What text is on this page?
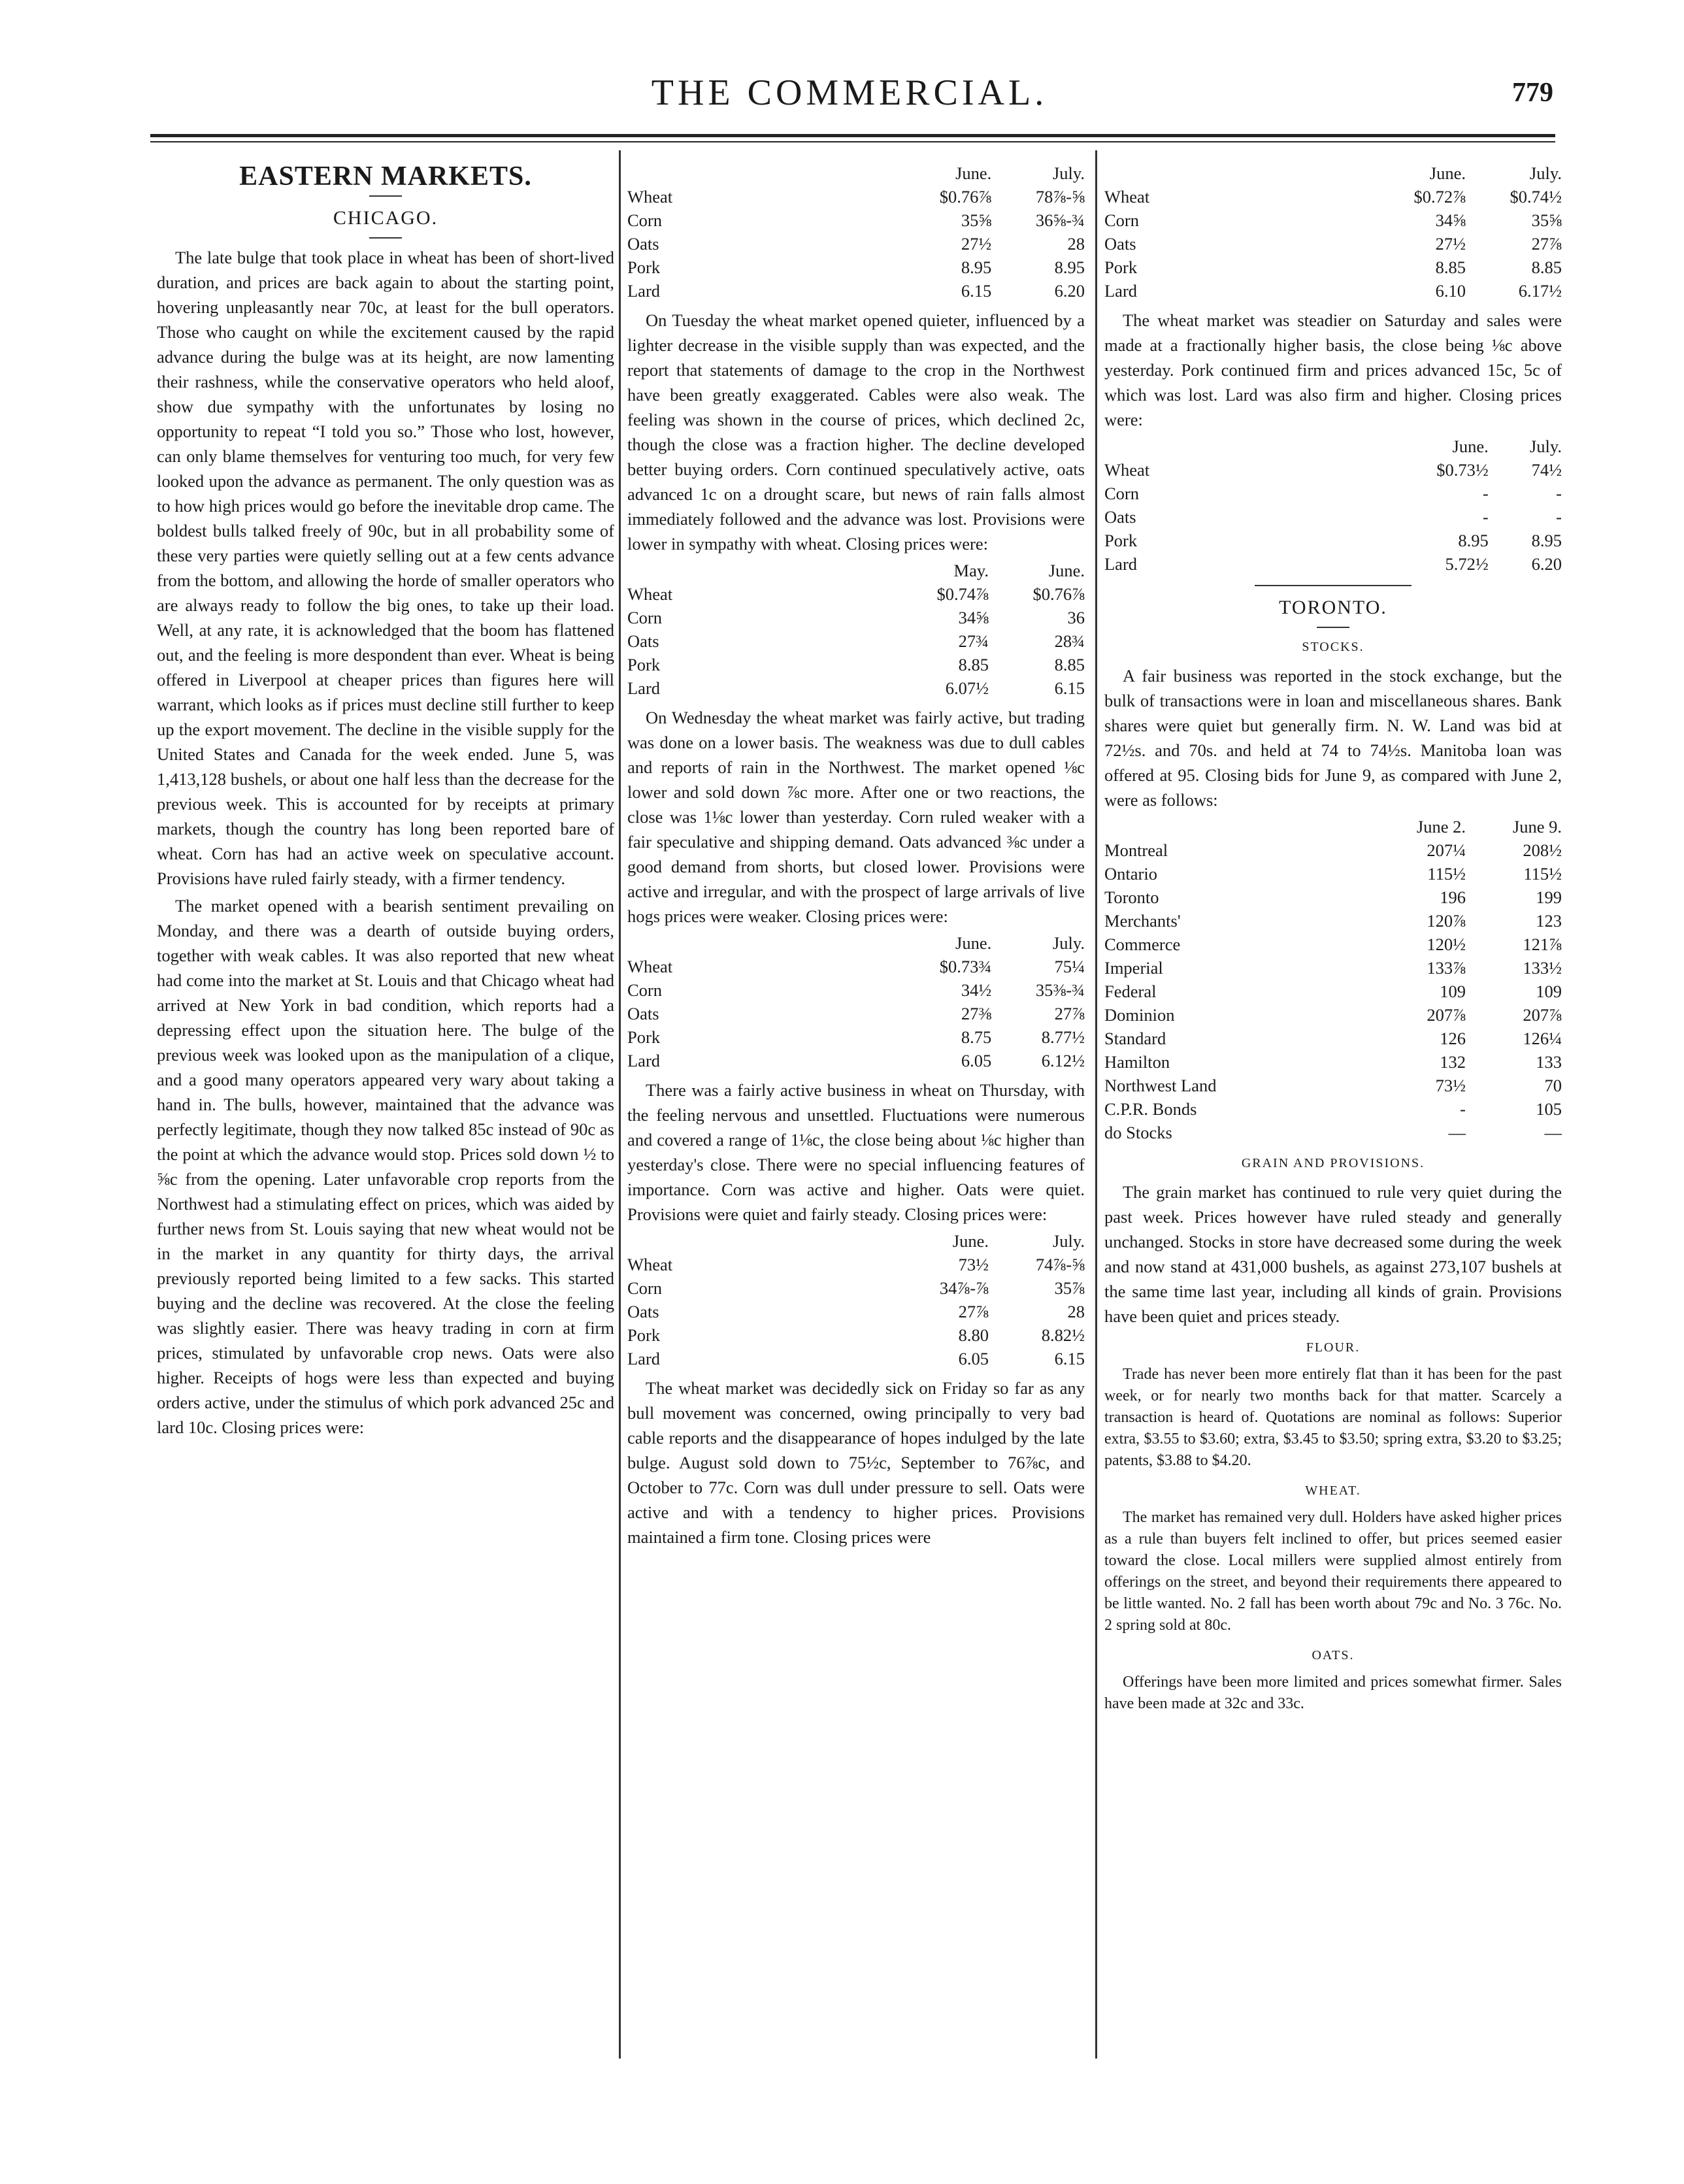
THE COMMERCIAL.	779
EASTERN MARKETS.
CHICAGO.

The late bulge that took place in wheat has been of short-lived duration, and prices are back again to about the starting point, hovering unpleasantly near 70c, at least for the bull operators. Those who caught on while the excitement caused by the rapid advance during the bulge was at its height, are now lamenting their rashness, while the conservative operators who held aloof, show due sympathy with the unfortunates by losing no opportunity to repeat “I told you so.” Those who lost, however, can only blame themselves for venturing too much, for very few looked upon the advance as permanent. The only question was as to how high prices would go before the inevitable drop came. The boldest bulls talked freely of 90c, but in all probability some of these very parties were quietly selling out at a few cents advance from the bottom, and allowing the horde of smaller operators who are always ready to follow the big ones, to take up their load. Well, at any rate, it is acknowledged that the boom has flattened out, and the feeling is more despondent than ever. Wheat is being offered in Liverpool at cheaper prices than figures here will warrant, which looks as if prices must decline still further to keep up the export movement. The decline in the visible supply for the United States and Canada for the week ended. June 5, was 1,413,128 bushels, or about one half less than the decrease for the previous week. This is accounted for by receipts at primary markets, though the country has long been reported bare of wheat. Corn has had an active week on speculative account. Provisions have ruled fairly steady, with a firmer tendency.

The market opened with a bearish sentiment prevailing on Monday, and there was a dearth of outside buying orders, together with weak cables. It was also reported that new wheat had come into the market at St. Louis and that Chicago wheat had arrived at New York in bad condition, which reports had a depressing effect upon the situation here. The bulge of the previous week was looked upon as the manipulation of a clique, and a good many operators appeared very wary about taking a hand in. The bulls, however, maintained that the advance was perfectly legitimate, though they now talked 85c instead of 90c as the point at which the advance would stop. Prices sold down ½ to ⅝c from the opening. Later unfavorable crop reports from the Northwest had a stimulating effect on prices, which was aided by further news from St. Louis saying that new wheat would not be in the market in any quantity for thirty days, the arrival previously reported being limited to a few sacks. This started buying and the decline was recovered. At the close the feeling was slightly easier. There was heavy trading in corn at firm prices, stimulated by unfavorable crop news. Oats were also higher. Receipts of hogs were less than expected and buying orders active, under the stimulus of which pork advanced 25c and lard 10c. Closing prices were:

	June.	July.
Wheat	$0.76⅞	78⅞-⅝
Corn	35⅝	36⅝-¾
Oats	27½	28
Pork	8.95	8.95
Lard	6.15	6.20

On Tuesday the wheat market opened quieter, influenced by a lighter decrease in the visible supply than was expected, and the report that statements of damage to the crop in the Northwest have been greatly exaggerated. Cables were also weak. The feeling was shown in the course of prices, which declined 2c, though the close was a fraction higher. The decline developed better buying orders. Corn continued speculatively active, oats advanced 1c on a drought scare, but news of rain falls almost immediately followed and the advance was lost. Provisions were lower in sympathy with wheat. Closing prices were:

	May.	June.
Wheat	$0.74⅞	$0.76⅞
Corn	34⅝	36
Oats	27¾	28¾
Pork	8.85	8.85
Lard	6.07½	6.15

On Wednesday the wheat market was fairly active, but trading was done on a lower basis. The weakness was due to dull cables and reports of rain in the Northwest. The market opened ⅛c lower and sold down ⅞c more. After one or two reactions, the close was 1⅛c lower than yesterday. Corn ruled weaker with a fair speculative and shipping demand. Oats advanced ⅜c under a good demand from shorts, but closed lower. Provisions were active and irregular, and with the prospect of large arrivals of live hogs prices were weaker. Closing prices were:

	June.	July.
Wheat	$0.73¾	75¼
Corn	34½	35⅜-¾
Oats	27⅜	27⅞
Pork	8.75	8.77½
Lard	6.05	6.12½

There was a fairly active business in wheat on Thursday, with the feeling nervous and unsettled. Fluctuations were numerous and covered a range of 1⅛c, the close being about ⅛c higher than yesterday's close. There were no special influencing features of importance. Corn was active and higher. Oats were quiet. Provisions were quiet and fairly steady. Closing prices were:

	June.	July.
Wheat	73½	74⅞-⅝
Corn	34⅞-⅞	35⅞
Oats	27⅞	28
Pork	8.80	8.82½
Lard	6.05	6.15

The wheat market was decidedly sick on Friday so far as any bull movement was concerned, owing principally to very bad cable reports and the disappearance of hopes indulged by the late bulge. August sold down to 75½c, September to 76⅞c, and October to 77c. Corn was dull under pressure to sell. Oats were active and with a tendency to higher prices. Provisions maintained a firm tone. Closing prices were

	June.	July.
Wheat	$0.72⅞	$0.74½
Corn	34⅝	35⅝
Oats	27½	27⅞
Pork	8.85	8.85
Lard	6.10	6.17½

The wheat market was steadier on Saturday and sales were made at a fractionally higher basis, the close being ⅛c above yesterday. Pork continued firm and prices advanced 15c, 5c of which was lost. Lard was also firm and higher. Closing prices were:

	June.	July.
Wheat	$0.73½	74½
Corn	-	-
Oats	-	-
Pork	8.95	8.95
Lard	5.72½	6.20
TORONTO.
STOCKS.

A fair business was reported in the stock exchange, but the bulk of transactions were in loan and miscellaneous shares. Bank shares were quiet but generally firm. N. W. Land was bid at 72½s. and 70s. and held at 74 to 74½s. Manitoba loan was offered at 95. Closing bids for June 9, as compared with June 2, were as follows:

	June 2.	June 9.
Montreal	207¼	208½
Ontario	115½	115½
Toronto	196	199
Merchants'	120⅞	123
Commerce	120½	121⅞
Imperial	133⅞	133½
Federal	109	109
Dominion	207⅞	207⅞
Standard	126	126¼
Hamilton	132	133
Northwest Land	73½	70
C.P.R. Bonds	-	105
do Stocks	—	—
GRAIN AND PROVISIONS.

The grain market has continued to rule very quiet during the past week. Prices however have ruled steady and generally unchanged. Stocks in store have decreased some during the week and now stand at 431,000 bushels, as against 273,107 bushels at the same time last year, including all kinds of grain. Provisions have been quiet and prices steady.

FLOUR.

Trade has never been more entirely flat than it has been for the past week, or for nearly two months back for that matter. Scarcely a transaction is heard of. Quotations are nominal as follows: Superior extra, $3.55 to $3.60; extra, $3.45 to $3.50; spring extra, $3.20 to $3.25; patents, $3.88 to $4.20.

WHEAT.

The market has remained very dull. Holders have asked higher prices as a rule than buyers felt inclined to offer, but prices seemed easier toward the close. Local millers were supplied almost entirely from offerings on the street, and beyond their requirements there appeared to be little wanted. No. 2 fall has been worth about 79c and No. 3 76c. No. 2 spring sold at 80c.

OATS.

Offerings have been more limited and prices somewhat firmer. Sales have been made at 32c and 33c.
